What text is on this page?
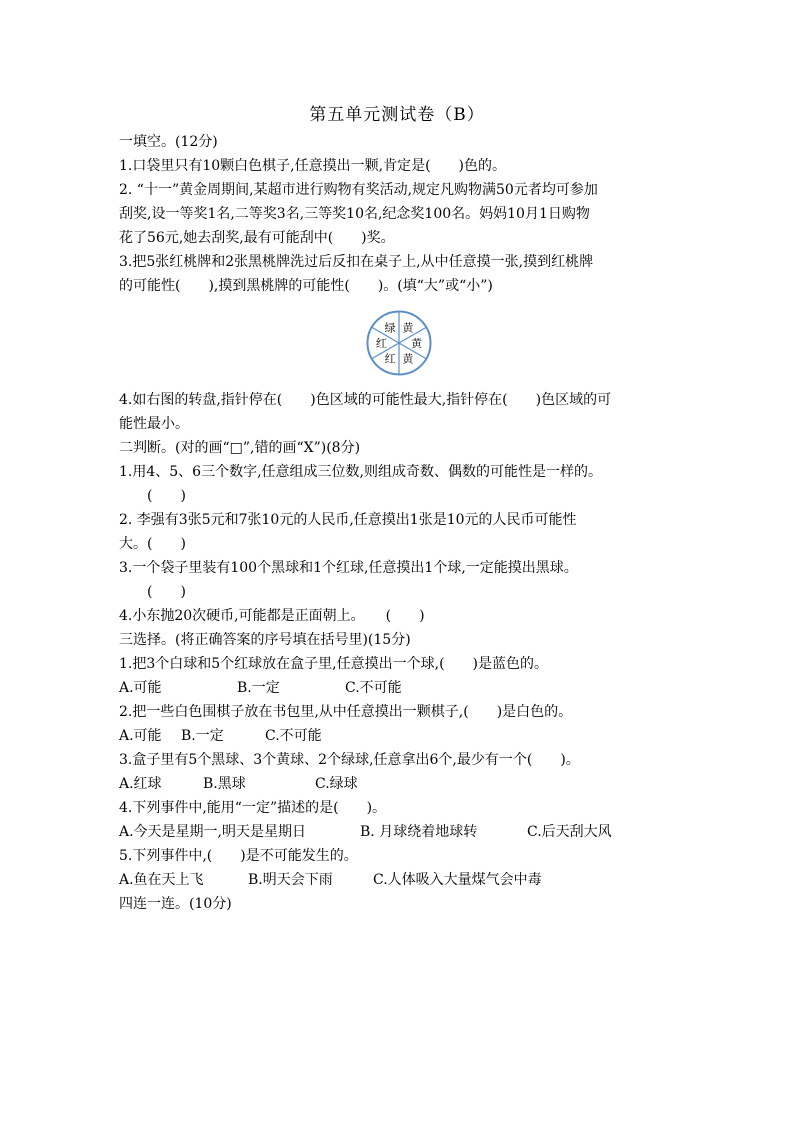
第五单元测试卷（B）
一填空。(12分)
1.口袋里只有10颗白色棋子,任意摸出一颗,肯定是(　　)色的。
2. “十一”黄金周期间,某超市进行购物有奖活动,规定凡购物满50元者均可参加
刮奖,设一等奖1名,二等奖3名,三等奖10名,纪念奖100名。妈妈10月1日购物
花了56元,她去刮奖,最有可能刮中(　　)奖。
3.把5张红桃牌和2张黑桃牌洗过后反扣在桌子上,从中任意摸一张,摸到红桃牌
的可能性(　　),摸到黑桃牌的可能性(　　)。(填“大”或“小”)
黄
黄
黄
红
红
绿
4.如右图的转盘,指针停在(　　)色区域的可能性最大,指针停在(　　)色区域的可
能性最小。
二判断。(对的画“□”,错的画“X”)(8分)
1.用4、5、6三个数字,任意组成三位数,则组成奇数、偶数的可能性是一样的。
(　　)
2. 李强有3张5元和7张10元的人民币,任意摸出1张是10元的人民币可能性
大。(　　)
3.一个袋子里装有100个黑球和1个红球,任意摸出1个球,一定能摸出黑球。
(　　)
4.小东抛20次硬币,可能都是正面朝上。　　(　　)
三选择。(将正确答案的序号填在括号里)(15分)
1.把3个白球和5个红球放在盒子里,任意摸出一个球,(　　)是蓝色的。
A.可能	B.一定	C.不可能
2.把一些白色围棋子放在书包里,从中任意摸出一颗棋子,(　　)是白色的。
A.可能 B.一定	C.不可能
3.盒子里有5个黑球、3个黄球、2个绿球,任意拿出6个,最少有一个(　　)。
A.红球	B.黑球	C.绿球
4.下列事件中,能用“一定”描述的是(　　)。
A.今天是星期一,明天是星期日	B. 月球绕着地球转	C.后天刮大风
5.下列事件中,(　　)是不可能发生的。
A.鱼在天上飞	B.明天会下雨	C.人体吸入大量煤气会中毒
四连一连。(10分)
